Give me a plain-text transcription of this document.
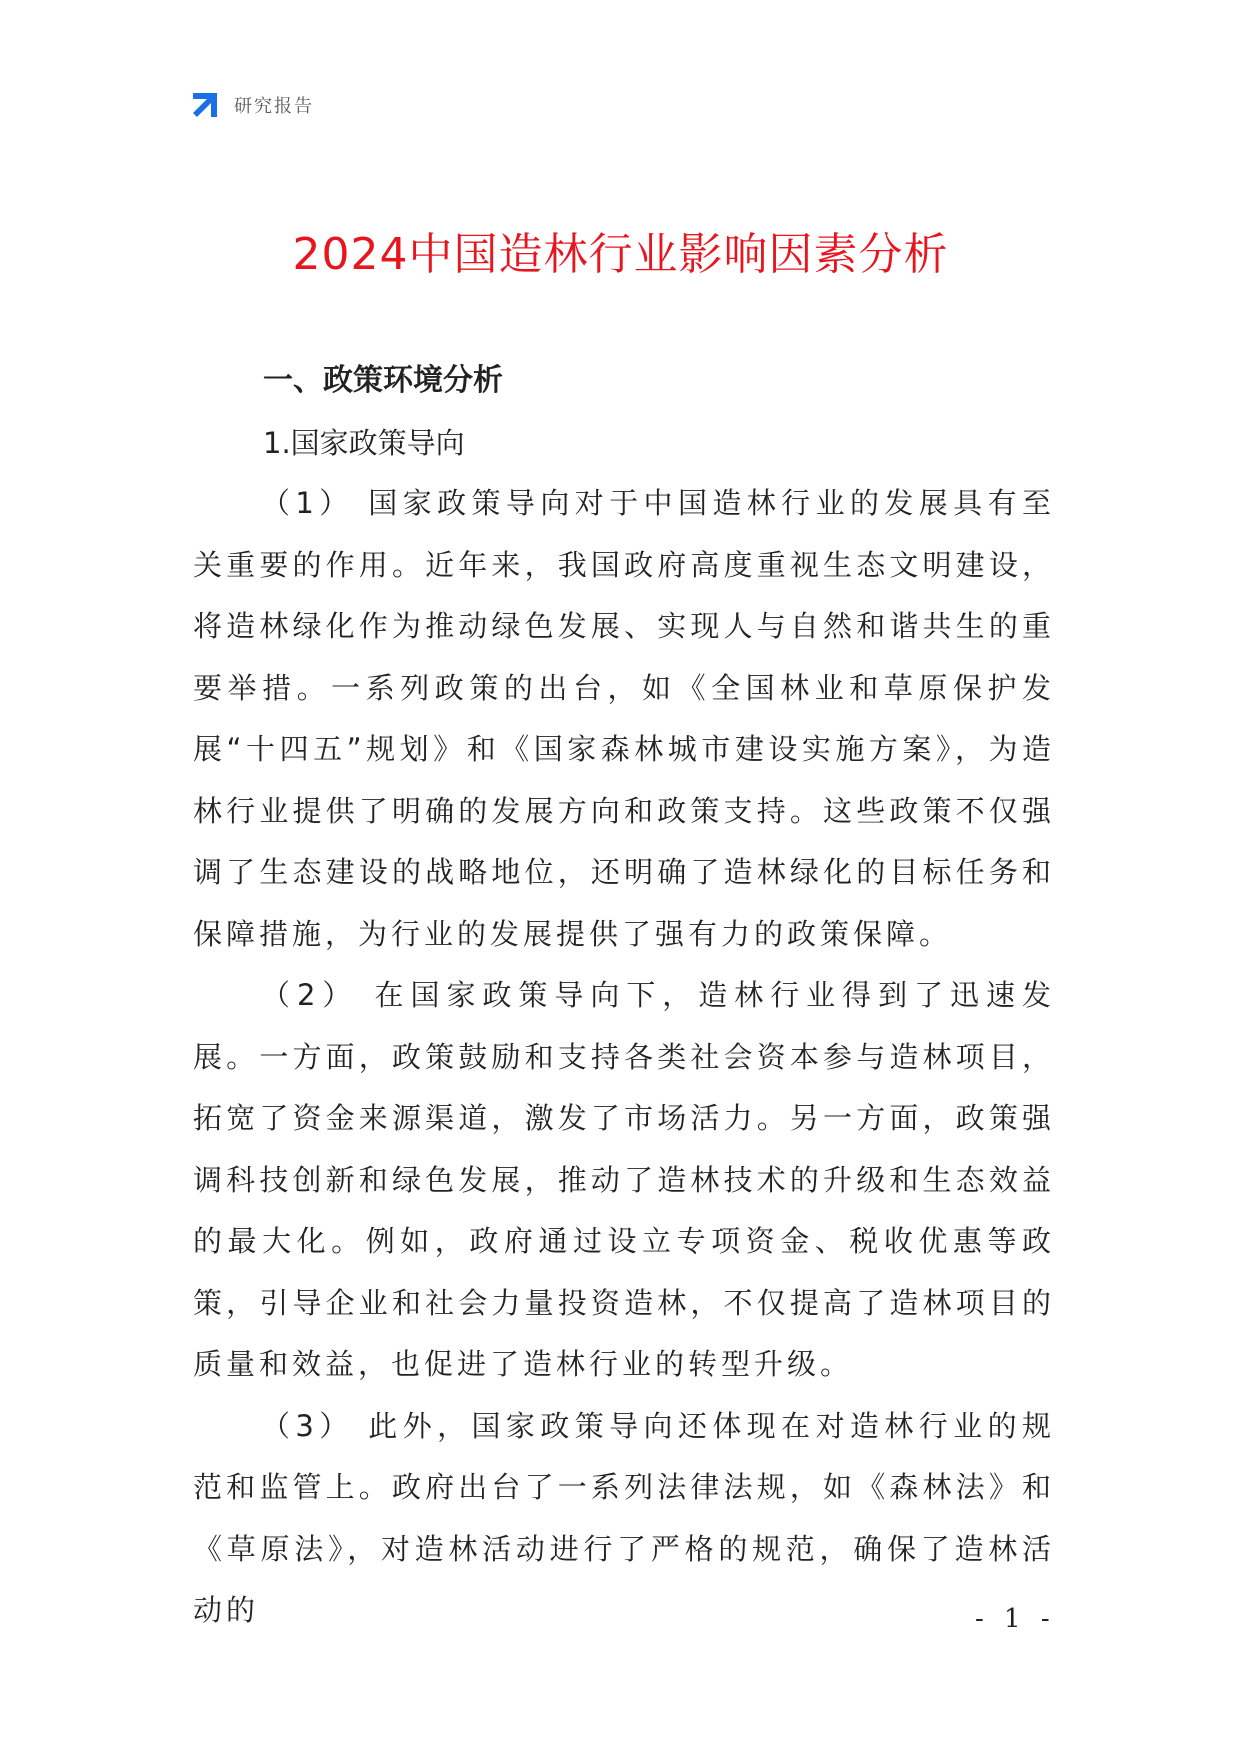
研究报告
2024中国造林行业影响因素分析
一、政策环境分析
1.国家政策导向

（1） 国家政策导向对于中国造林行业的发展具有至关重要的作用。近年来，我国政府高度重视生态文明建设，将造林绿化作为推动绿色发展、实现人与自然和谐共生的重要举措。一系列政策的出台，如《全国林业和草原保护发展“十四五”规划》和《国家森林城市建设实施方案》，为造林行业提供了明确的发展方向和政策支持。这些政策不仅强调了生态建设的战略地位，还明确了造林绿化的目标任务和保障措施，为行业的发展提供了强有力的政策保障。

（2） 在国家政策导向下，造林行业得到了迅速发展。一方面，政策鼓励和支持各类社会资本参与造林项目，拓宽了资金来源渠道，激发了市场活力。另一方面，政策强调科技创新和绿色发展，推动了造林技术的升级和生态效益的最大化。例如，政府通过设立专项资金、税收优惠等政策，引导企业和社会力量投资造林，不仅提高了造林项目的质量和效益，也促进了造林行业的转型升级。

（3） 此外，国家政策导向还体现在对造林行业的规范和监管上。政府出台了一系列法律法规，如《森林法》和《草原法》，对造林活动进行了严格的规范，确保了造林活动的	- 1 -
